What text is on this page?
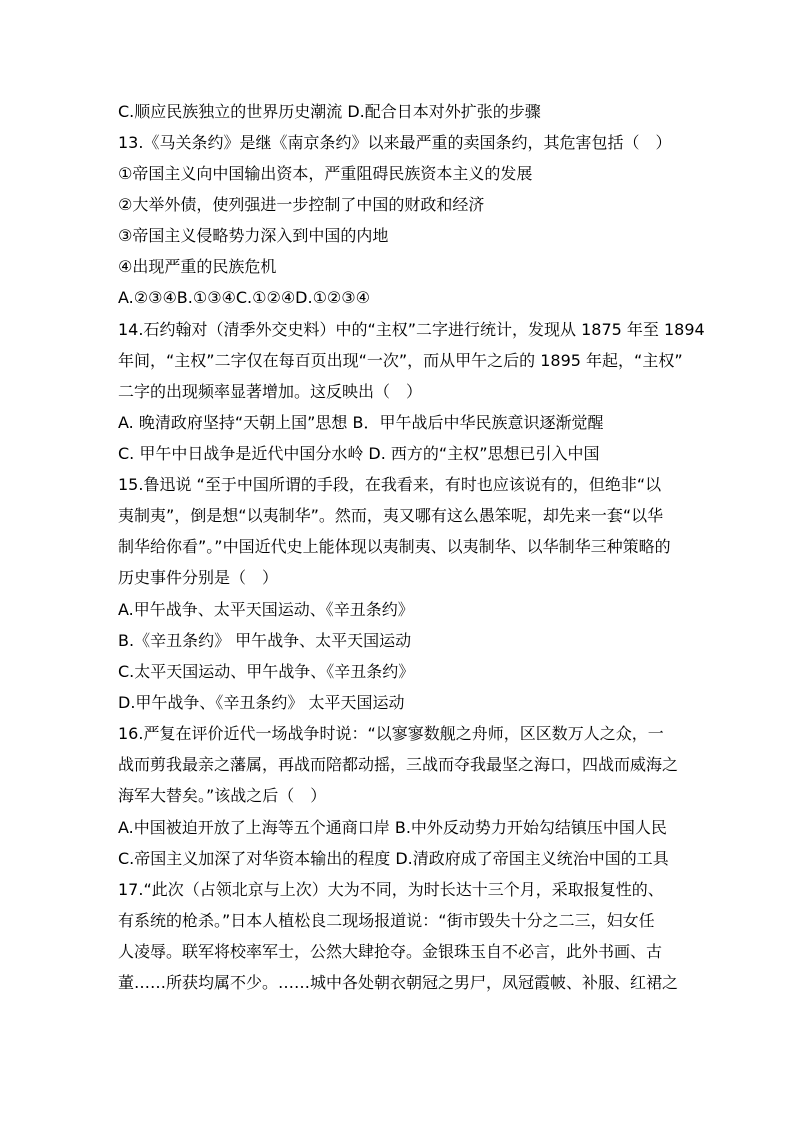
C.顺应民族独立的世界历史潮流 D.配合日本对外扩张的步骤
13.《马关条约》是继《南京条约》以来最严重的卖国条约，其危害包括（　）
①帝国主义向中国输出资本，严重阻碍民族资本主义的发展
②大举外债，使列强进一步控制了中国的财政和经济
③帝国主义侵略势力深入到中国的内地
④出现严重的民族危机
A.②③④B.①③④C.①②④D.①②③④
14.石约翰对（清季外交史料）中的“主权”二字进行统计，发现从 1875 年至 1894
年间，“主权”二字仅在每百页出现“一次”，而从甲午之后的 1895 年起，“主权”
二字的出现频率显著增加。这反映出（　）
A. 晚清政府坚持“天朝上国”思想 B．甲午战后中华民族意识逐渐觉醒
C. 甲午中日战争是近代中国分水岭 D. 西方的“主权”思想已引入中国
15.鲁迅说 “至于中国所谓的手段，在我看来，有时也应该说有的，但绝非“以
夷制夷”，倒是想“以夷制华”。然而，夷又哪有这么愚笨呢，却先来一套“以华
制华给你看”。”中国近代史上能体现以夷制夷、以夷制华、以华制华三种策略的
历史事件分别是（　）
A.甲午战争、太平天国运动、《辛丑条约》
B.《辛丑条约》 甲午战争、太平天国运动
C.太平天国运动、甲午战争、《辛丑条约》
D.甲午战争、《辛丑条约》 太平天国运动
16.严复在评价近代一场战争时说：“以寥寥数舰之舟师，区区数万人之众，一
战而剪我最亲之藩属，再战而陪都动摇，三战而夺我最坚之海口，四战而威海之
海军大替矣。”该战之后（　）
A.中国被迫开放了上海等五个通商口岸 B.中外反动势力开始勾结镇压中国人民
C.帝国主义加深了对华资本输出的程度 D.清政府成了帝国主义统治中国的工具
17.“此次（占领北京与上次）大为不同，为时长达十三个月，采取报复性的、
有系统的枪杀。”日本人植松良二现场报道说：“街市毁失十分之二三，妇女任
人凌辱。联军将校率军士，公然大肆抢夺。金银珠玉自不必言，此外书画、古
董……所获均属不少。……城中各处朝衣朝冠之男尸，凤冠霞帔、补服、红裙之
